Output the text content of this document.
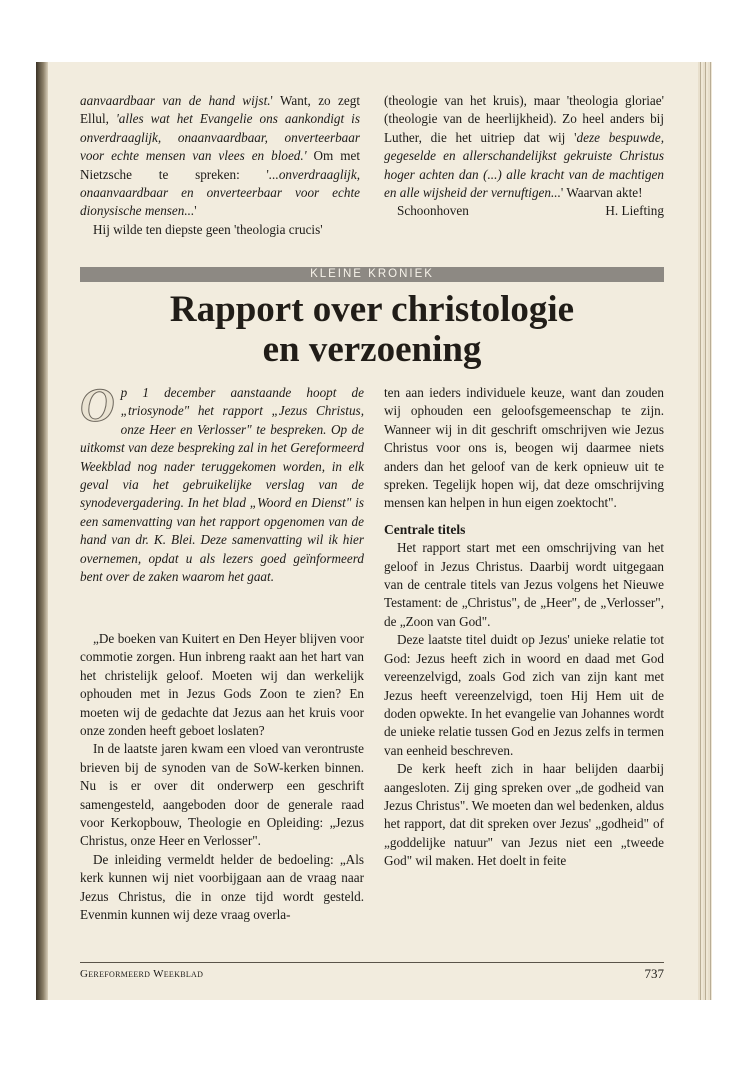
aanvaardbaar van de hand wijst.' Want, zo zegt Ellul, 'alles wat het Evangelie ons aankondigt is onverdraaglijk, onaanvaardbaar, onverteerbaar voor echte mensen van vlees en bloed.' Om met Nietzsche te spreken: '...onverdraaglijk, onaanvaardbaar en onverteerbaar voor echte dionysische mensen...'

Hij wilde ten diepste geen 'theologia crucis'

(theologie van het kruis), maar 'theologia gloriae' (theologie van de heerlijkheid). Zo heel anders bij Luther, die het uitriep dat wij 'deze bespuwde, gegeselde en allerschandelijkst gekruiste Christus hoger achten dan (...) alle kracht van de machtigen en alle wijsheid der vernuftigen...' Waarvan akte!

Schoonhoven	H. Liefting

KLEINE KRONIEK
Rapport over christologie
en verzoening

Op 1 december aanstaande hoopt de „triosynode" het rapport „Jezus Christus, onze Heer en Verlosser" te bespreken. Op de uitkomst van deze bespreking zal in het Gereformeerd Weekblad nog nader teruggekomen worden, in elk geval via het gebruikelijke verslag van de synodevergadering. In het blad „Woord en Dienst" is een samenvatting van het rapport opgenomen van de hand van dr. K. Blei. Deze samenvatting wil ik hier overnemen, opdat u als lezers goed geïnformeerd bent over de zaken waarom het gaat.

„De boeken van Kuitert en Den Heyer blijven voor commotie zorgen. Hun inbreng raakt aan het hart van het christelijk geloof. Moeten wij dan werkelijk ophouden met in Jezus Gods Zoon te zien? En moeten wij de gedachte dat Jezus aan het kruis voor onze zonden heeft geboet loslaten?

In de laatste jaren kwam een vloed van verontruste brieven bij de synoden van de SoW-kerken binnen. Nu is er over dit onderwerp een geschrift samengesteld, aangeboden door de generale raad voor Kerkopbouw, Theologie en Opleiding: „Jezus Christus, onze Heer en Verlosser".

De inleiding vermeldt helder de bedoeling: „Als kerk kunnen wij niet voorbijgaan aan de vraag naar Jezus Christus, die in onze tijd wordt gesteld. Evenmin kunnen wij deze vraag overla-

ten aan ieders individuele keuze, want dan zouden wij ophouden een geloofsgemeenschap te zijn. Wanneer wij in dit geschrift omschrijven wie Jezus Christus voor ons is, beogen wij daarmee niets anders dan het geloof van de kerk opnieuw uit te spreken. Tegelijk hopen wij, dat deze omschrijving mensen kan helpen in hun eigen zoektocht".

Centrale titels

Het rapport start met een omschrijving van het geloof in Jezus Christus. Daarbij wordt uitgegaan van de centrale titels van Jezus volgens het Nieuwe Testament: de „Christus", de „Heer", de „Verlosser", de „Zoon van God".

Deze laatste titel duidt op Jezus' unieke relatie tot God: Jezus heeft zich in woord en daad met God vereenzelvigd, zoals God zich van zijn kant met Jezus heeft vereenzelvigd, toen Hij Hem uit de doden opwekte. In het evangelie van Johannes wordt de unieke relatie tussen God en Jezus zelfs in termen van eenheid beschreven.

De kerk heeft zich in haar belijden daarbij aangesloten. Zij ging spreken over „de godheid van Jezus Christus". We moeten dan wel bedenken, aldus het rapport, dat dit spreken over Jezus' „godheid" of „goddelijke natuur" van Jezus niet een „tweede God" wil maken. Het doelt in feite

Gereformeerd Weekblad	737
